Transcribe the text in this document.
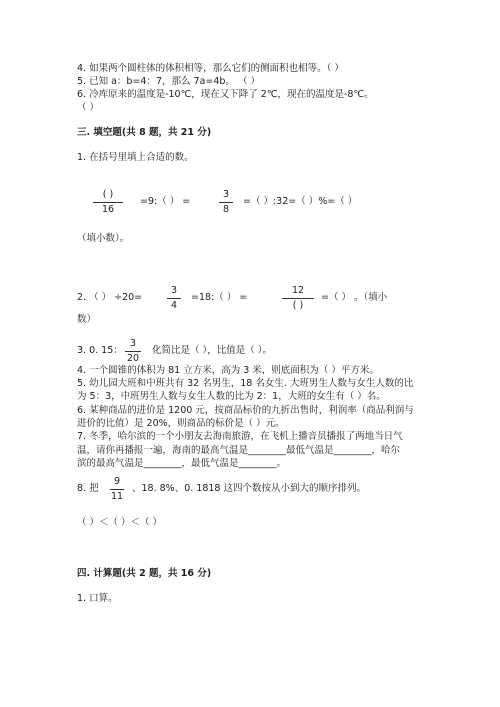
4. 如果两个圆柱体的体积相等，那么它们的侧面积也相等。（ ）
5. 已知 a：b=4：7，那么 7a=4b。 （ ）
6. 冷库原来的温度是-10℃，现在又下降了 2℃，现在的温度是-8℃。
（ ）
三. 填空题(共 8 题，共 21 分)
1. 在括号里填上合适的数。
( )
16
=9:（ ） =
3
8
=（ ）:32=（ ）%=（ ）
（填小数）。
2. （ ） ÷20=
3
4
=18:（ ） =
12
( )
=（ ） 。（填小
数）
3. 0. 15：
3
20
化简比是（ ），比值是（ ）。
4. 一个圆锥的体积为 81 立方米，高为 3 米，则底面积为（ ）平方米。
5. 幼儿园大班和中班共有 32 名男生，18 名女生. 大班男生人数与女生人数的比
为 5：3，中班男生人数与女生人数的比为 2：1，大班的女生有（ ）名。
6. 某种商品的进价是 1200 元，按商品标价的九折出售时，利润率（商品利润与
进价的比值）是 20%，则商品的标价是（ ）元。
7. 冬季，哈尔滨的一个小朋友去海南旅游，在飞机上播音员播报了两地当日气
温，请你再播报一遍，海南的最高气温是________最低气温是________，哈尔
滨的最高气温是________，最低气温是________。
8. 把
9
11
、18. 8%、0. 1818 这四个数按从小到大的顺序排列。
（ ）＜（ ）＜（ ）
四. 计算题(共 2 题，共 16 分)
1. 口算。
